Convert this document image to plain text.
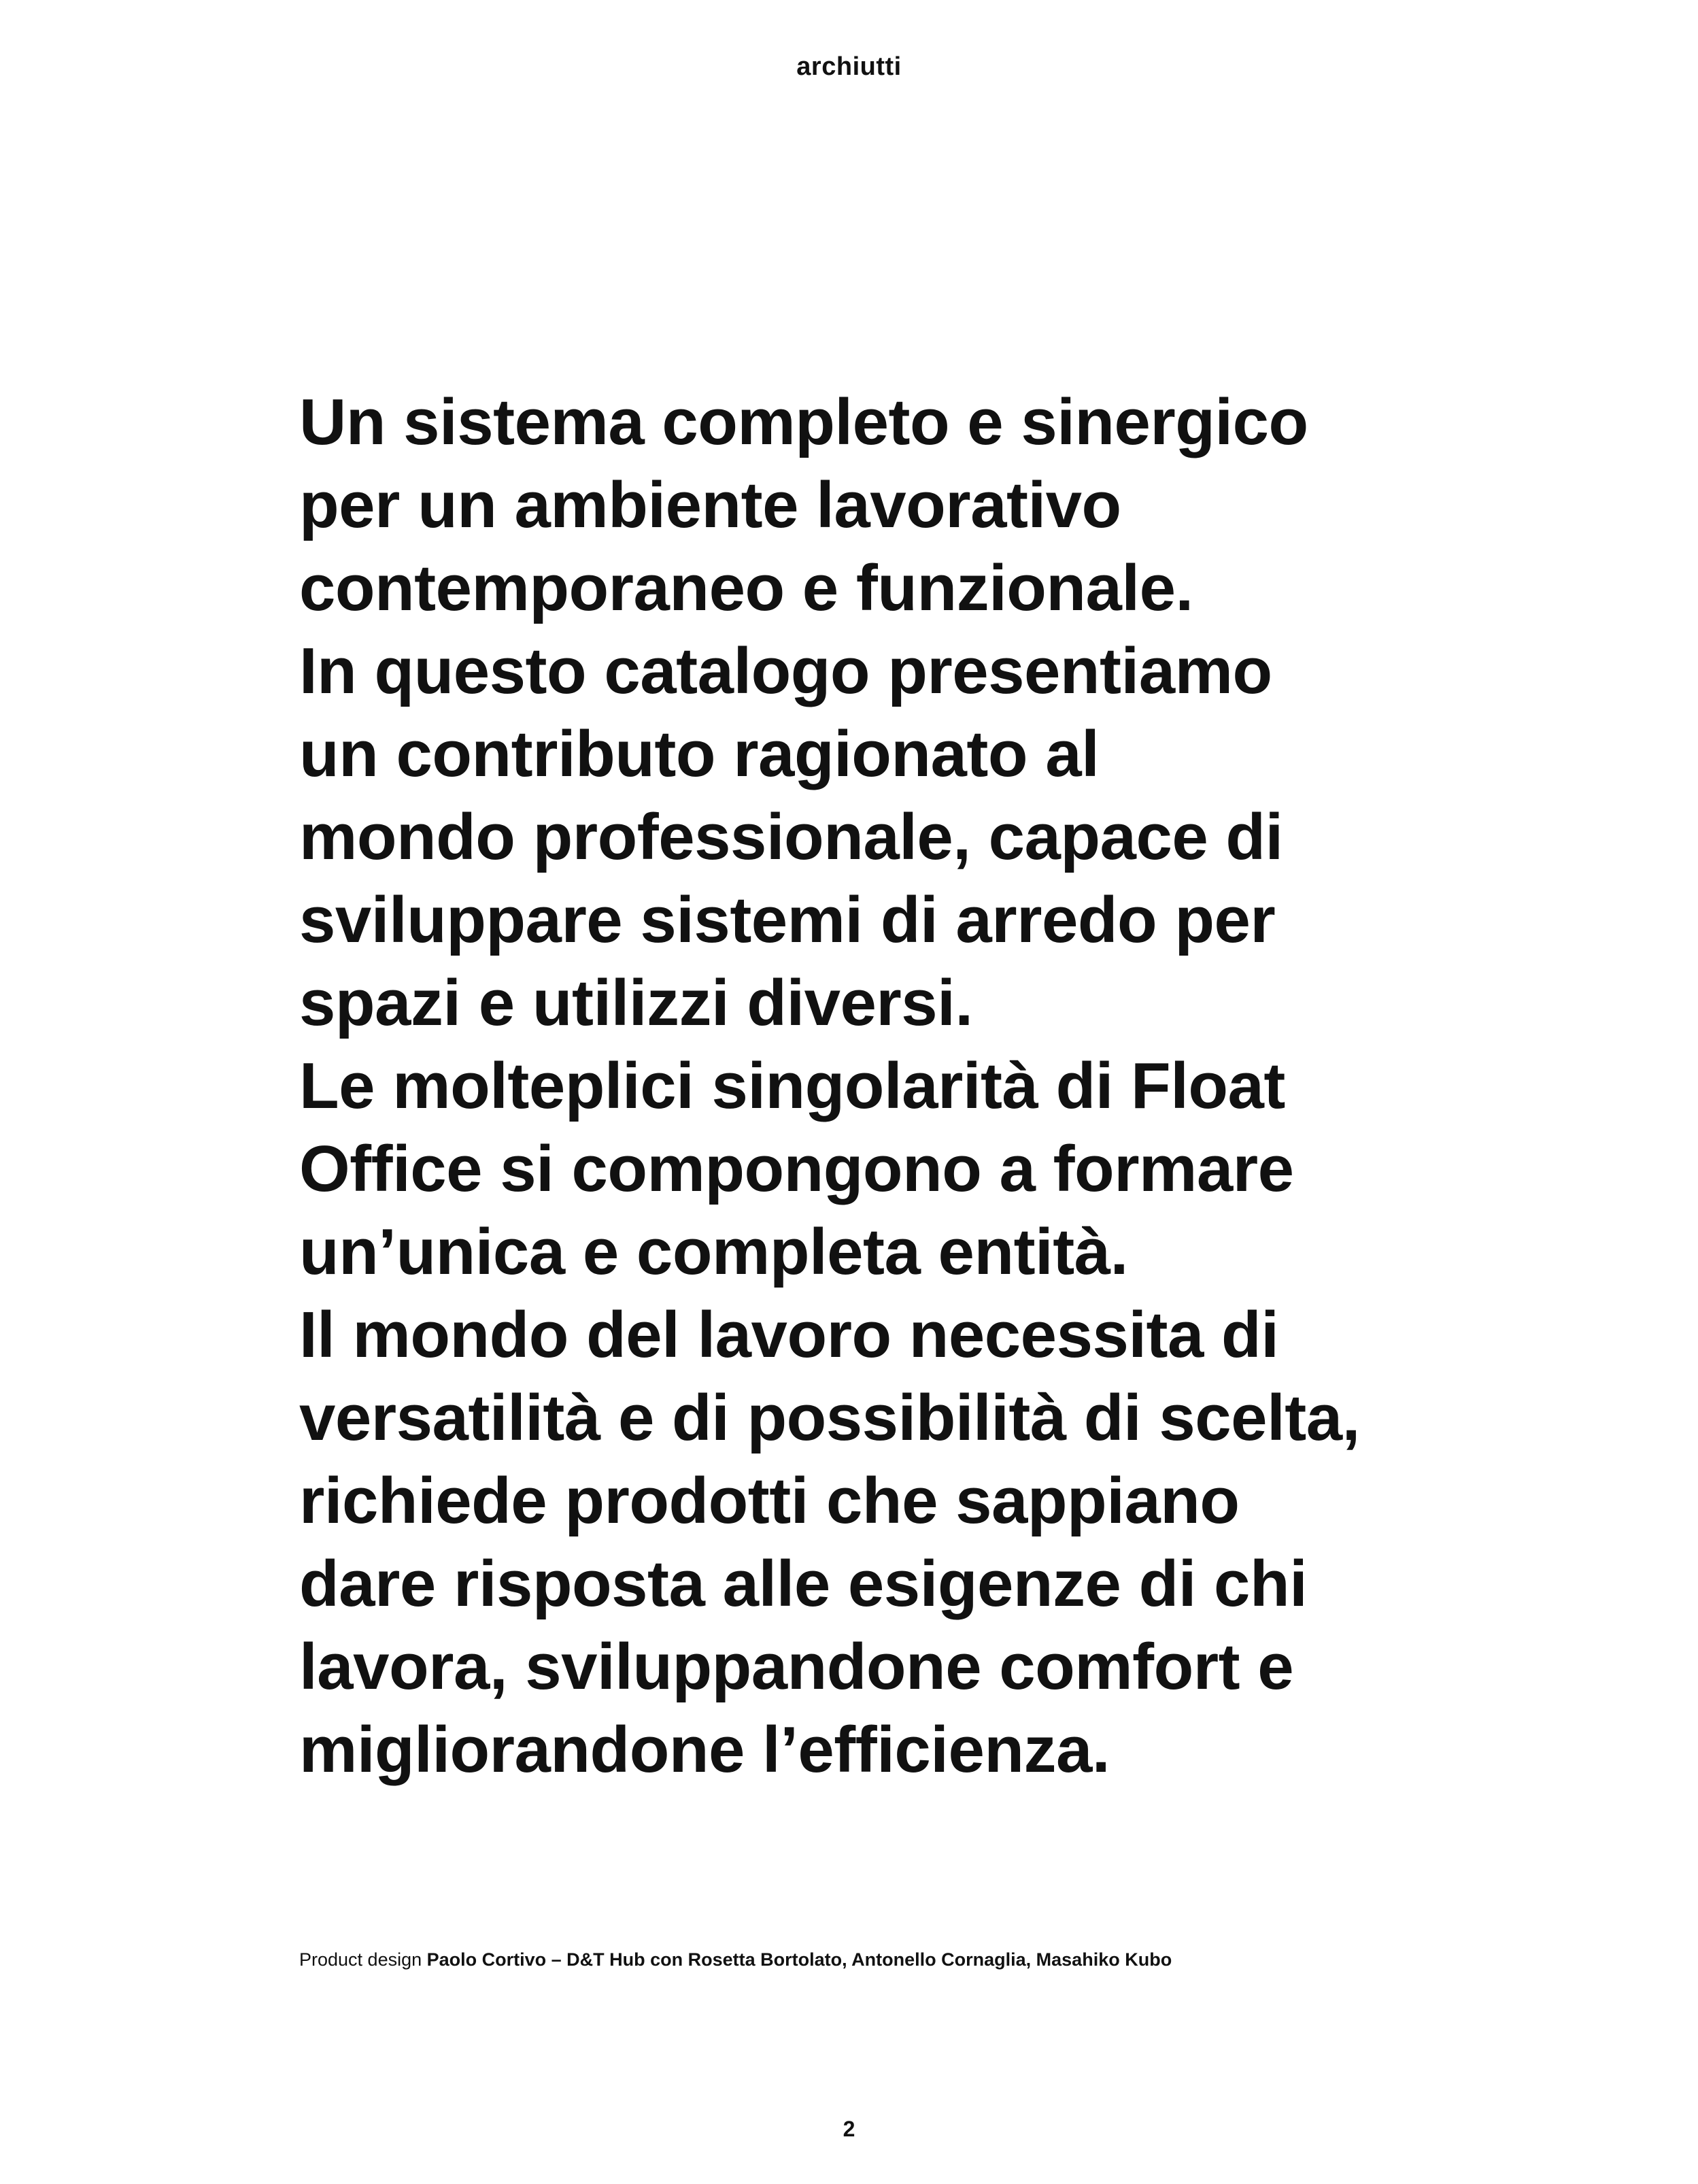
archiutti
Un sistema completo e sinergico
per un ambiente lavorativo
contemporaneo e funzionale.
In questo catalogo presentiamo
un contributo ragionato al
mondo professionale, capace di
sviluppare sistemi di arredo per
spazi e utilizzi diversi.
Le molteplici singolarità di Float
Office si compongono a formare
un’unica e completa entità.
Il mondo del lavoro necessita di
versatilità e di possibilità di scelta,
richiede prodotti che sappiano
dare risposta alle esigenze di chi
lavora, sviluppandone comfort e
migliorandone l’efficienza.
Product design Paolo Cortivo – D&T Hub con Rosetta Bortolato, Antonello Cornaglia, Masahiko Kubo
2
